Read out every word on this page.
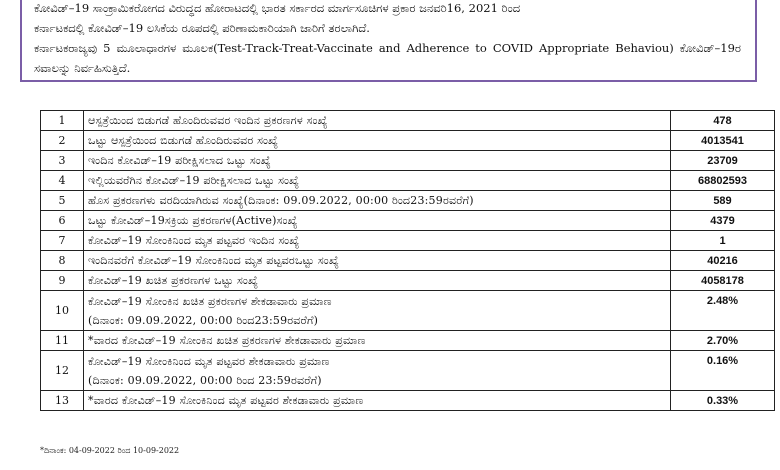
ಕೋವಿಡ್–19 ಸಾಂಕ್ರಾಮಿಕರೋಗದ ವಿರುದ್ಧದ ಹೋರಾಟದಲ್ಲಿ ಭಾರತ ಸರ್ಕಾರದ ಮಾರ್ಗಸೂಚಿಗಳ ಪ್ರಕಾರ ಜನವರಿ16, 2021 ರಿಂದ

ಕರ್ನಾಟಕದಲ್ಲಿ ಕೋವಿಡ್–19 ಲಸಿಕೆಯ ರೂಪದಲ್ಲಿ ಪರಿಣಾಮಕಾರಿಯಾಗಿ ಜಾರಿಗೆ ತರಲಾಗಿದೆ.

ಕರ್ನಾಟಕರಾಜ್ಯವು 5 ಮೂಲಾಧಾರಗಳ ಮೂಲಕ(Test-Track-Treat-Vaccinate and Adherence to COVID Appropriate Behaviou) ಕೋವಿಡ್–19ರ ಸವಾಲನ್ನು ನಿರ್ವಹಿಸುತ್ತಿದೆ.

1	ಆಸ್ಪತ್ರೆಯಿಂದ ಬಿಡುಗಡೆ ಹೊಂದಿರುವವರ ಇಂದಿನ ಪ್ರಕರಣಗಳ ಸಂಖ್ಯೆ	478
2	ಒಟ್ಟು ಆಸ್ಪತ್ರೆಯಿಂದ ಬಿಡುಗಡೆ ಹೊಂದಿರುವವರ ಸಂಖ್ಯೆ	4013541
3	ಇಂದಿನ ಕೋವಿಡ್–19 ಪರೀಕ್ಷಿಸಲಾದ ಒಟ್ಟು ಸಂಖ್ಯೆ	23709
4	ಇಲ್ಲಿಯವರೆಗಿನ ಕೋವಿಡ್–19 ಪರೀಕ್ಷಿಸಲಾದ ಒಟ್ಟು ಸಂಖ್ಯೆ	68802593
5	ಹೊಸ ಪ್ರಕರಣಗಳು ವರದಿಯಾಗಿರುವ ಸಂಖ್ಯೆ(ದಿನಾಂಕ: 09.09.2022, 00:00 ರಿಂದ23:59ರವರೆಗೆ)	589
6	ಒಟ್ಟು ಕೋವಿಡ್–19ಸಕ್ರಿಯ ಪ್ರಕರಣಗಳ(Active)ಸಂಖ್ಯೆ	4379
7	ಕೋವಿಡ್–19 ಸೋಂಕಿನಿಂದ ಮೃತ ಪಟ್ಟವರ ಇಂದಿನ ಸಂಖ್ಯೆ	1
8	ಇಂದಿನವರೆಗೆ ಕೋವಿಡ್–19 ಸೋಂಕಿನಿಂದ ಮೃತ ಪಟ್ಟವರಒಟ್ಟು ಸಂಖ್ಯೆ	40216
9	ಕೋವಿಡ್–19 ಖಚಿತ ಪ್ರಕರಣಗಳ ಒಟ್ಟು ಸಂಖ್ಯೆ	4058178
10	ಕೋವಿಡ್–19 ಸೋಂಕಿನ ಖಚಿತ ಪ್ರಕರಣಗಳ ಶೇಕಡಾವಾರು ಪ್ರಮಾಣ
(ದಿನಾಂಕ: 09.09.2022, 00:00 ರಿಂದ23:59ರವರೆಗೆ)	2.48%
11	*ವಾರದ ಕೋವಿಡ್–19 ಸೋಂಕಿನ ಖಚಿತ ಪ್ರಕರಣಗಳ ಶೇಕಡಾವಾರು ಪ್ರಮಾಣ	2.70%
12	ಕೋವಿಡ್–19 ಸೋಂಕಿನಿಂದ ಮೃತ ಪಟ್ಟವರ ಶೇಕಡಾವಾರು ಪ್ರಮಾಣ
(ದಿನಾಂಕ: 09.09.2022, 00:00 ರಿಂದ 23:59ರವರೆಗೆ)	0.16%
13	*ವಾರದ ಕೋವಿಡ್–19 ಸೋಂಕಿನಿಂದ ಮೃತ ಪಟ್ಟವರ ಶೇಕಡಾವಾರು ಪ್ರಮಾಣ	0.33%
*ದಿನಾಂಕ: 04-09-2022 ರಿಂದ 10-09-2022
